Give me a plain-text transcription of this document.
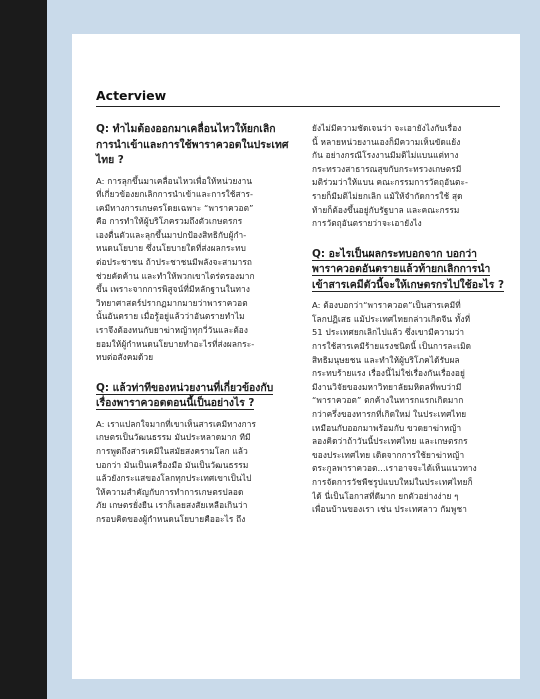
Acterview
Q: ทำไมต้องออกมาเคลื่อนไหวให้ยกเลิก
การนำเข้าและการใช้พาราควอตในประเทศ
ไทย ?
A: การลุกขึ้นมาเคลื่อนไหวเพื่อให้หน่วยงาน
ที่เกี่ยวข้องยกเลิกการนำเข้าและการใช้สาร-
เคมีทางการเกษตรโดยเฉพาะ “พาราควอต”
คือ การทำให้ผู้บริโภครวมถึงตัวเกษตรกร
เองตื่นตัวและลุกขึ้นมาปกป้องสิทธิกับผู้กำ-
หนดนโยบาย ซึ่งนโยบายใดที่ส่งผลกระทบ
ต่อประชาชน ถ้าประชาชนมีพลังจะสามารถ
ช่วยคัดค้าน และทำให้พวกเขาไตร่ตรองมาก
ขึ้น เพราะจากการพิสูจน์ที่มีหลักฐานในทาง
วิทยาศาสตร์ปรากฏมากมายว่าพาราควอต
นั้นอันตราย เมื่อรู้อยู่แล้วว่าอันตรายทำไม
เราจึงต้องทนกับยาฆ่าหญ้าทุกวี่วันและต้อง
ยอมให้ผู้กำหนดนโยบายทำอะไรที่ส่งผลกระ-
ทบต่อสังคมด้วย
Q: แล้วท่าทีของหน่วยงานที่เกี่ยวข้องกับ
เรื่องพาราควอตตอนนี้เป็นอย่างไร ?
A: เราแปลกใจมากที่เขาเห็นสารเคมีทางการ
เกษตรเป็นวัฒนธรรม มันประหลาดมาก ทีมี
การพูดถึงสารเคมีในสมัยสงครามโลก แล้ว
บอกว่า มันเป็นเครื่องมือ มันเป็นวัฒนธรรม
แล้วยังกระแสของโลกทุกประเทศเขาเป็นไป
ให้ความสำคัญกับการทำการเกษตรปลอด
ภัย เกษตรยั่งยืน เราก็เลยสงสัยเหลือเกินว่า
กรอบคิดของผู้กำหนดนโยบายคืออะไร ถึง
ยังไม่มีความชัดเจนว่า จะเอายังไงกับเรื่อง
นี้ หลายหน่วยงานเองก็มีความเห็นขัดแย้ง
กัน อย่างกรณีโรงงานมีมติไม่แบนแต่ทาง
กระทรวงสาธารณสุขกับกระทรวงเกษตรมี
มติร่วมว่าให้แบน คณะกรรมการวัตถุอันตะ-
รายก็มีมติไม่ยกเลิก แม้ให้จำกัดการใช้ สุด
ท้ายก็ต้องขึ้นอยู่กับรัฐบาล และคณะกรรม
การวัตถุอันตรายว่าจะเอายังไง
Q: อะไรเป็นผลกระทบอกจาก บอกว่า
พาราควอตอันตรายแล้วท้ายกเลิกการนำ
เข้าสารเคมีตัวนี้จะให้เกษตรกรไปใช้อะไร ?
A: ต้องบอกว่า“พาราควอต”เป็นสารเคมีที่
โลกปฏิเสธ แม้ประเทศไทยกล่าวเกิดจีน ทั้งที่
51 ประเทศยกเลิกไปแล้ว ซึ่งเขามีความว่า
การใช้สารเคมีร้ายแรงชนิดนี้ เป็นการละเมิด
สิทธิมนุษยชน และทำให้ผู้บริโภคได้รับผล
กระทบร้ายแรง เรื่องนี้ไม่ใช่เรื่องกันเรื่องอยู่
มีงานวิจัยของมหาวิทยาลัยมหิดลที่พบว่ามี
“พาราควอต” ตกค้างในทารกแรกเกิดมาก
กว่าครึ่งของทารกที่เกิดใหม่ ในประเทศไทย
เหมือนกับออกมาพร้อมกับ ขวดยาฆ่าหญ้า
ลองคิดว่าถ้าวันนี้ประเทศไทย และเกษตรกร
ของประเทศไทย เดิดจากการใช้ยาฆ่าหญ้า
ตระกูลพาราควอต...เราอาจจะได้เห็นแนวทาง
การจัดการวัชพืชรูปแบบใหม่ในประเทศไทยก็
ได้ นี่เป็นโอกาสที่ดีมาก ยกตัวอย่างง่าย ๆ
เพื่อนบ้านของเรา เช่น ประเทศลาว กัมพูชา
